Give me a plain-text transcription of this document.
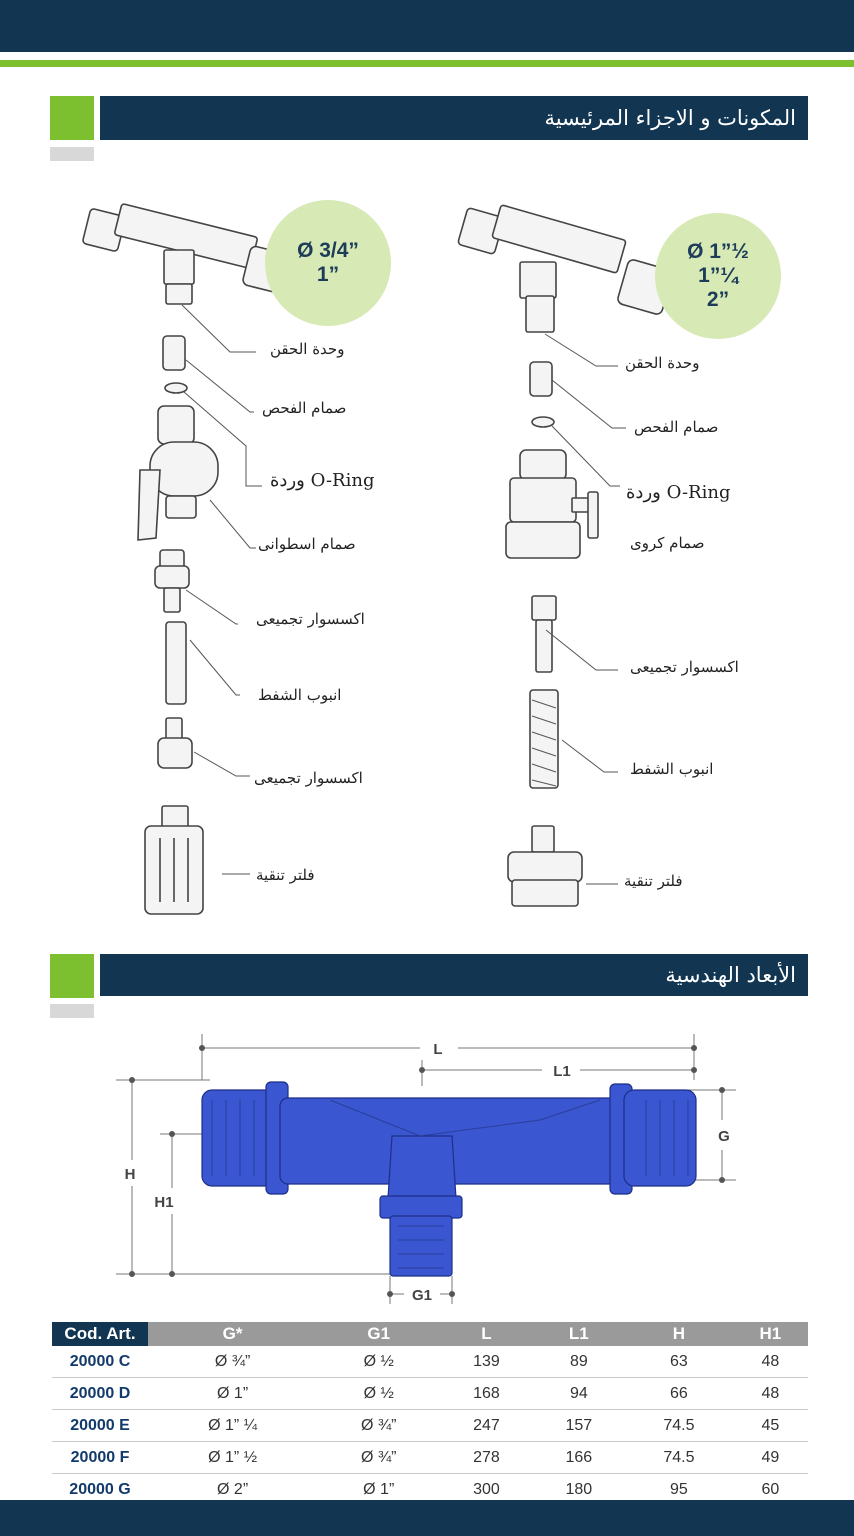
المكونات و الاجزاء المرئيسية
Ø 3/4”
1”
وحدة الحقن
صمام الفحص
O-Ring وردة
صمام اسطوانى
اكسسوار تجميعى
انبوب الشفط
اكسسوار تجميعى
فلتر تنقية
Ø 1”½
1”¼
2”
وحدة الحقن
صمام الفحص
O-Ring وردة
صمام كروى
اكسسوار تجميعى
انبوب الشفط
فلتر تنقية
الأبعاد الهندسية
L
L1
G
H
H1
G1
Cod. Art.	G*	G1	L	L1	H	H1
20000 C	Ø ¾”	Ø ½	139	89	63	48
20000 D	Ø 1”	Ø ½	168	94	66	48
20000 E	Ø 1” ¼	Ø ¾”	247	157	74.5	45
20000 F	Ø 1” ½	Ø ¾”	278	166	74.5	49
20000 G	Ø 2”	Ø 1”	300	180	95	60
